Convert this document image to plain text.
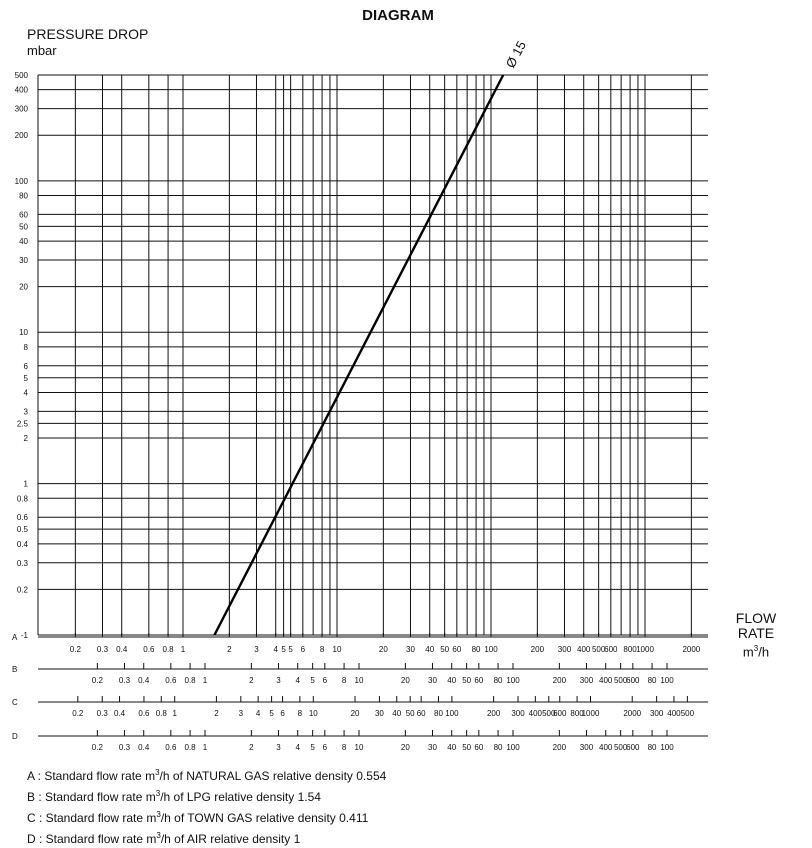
DIAGRAM
PRESSURE DROP
mbar
FLOW RATE
$m^3/h$
500
400
300
200
100
80
60
50
40
30
20
10
8
6
5
4
3
2.5
2
1
0.8
0.6
0.5
0.4
0.3
0.2
-1
Ø 15
A
0.2 0.3 0.4 0.6 0.8 1	2	3 4 5 5 6 8 10	20 30 40 50 60 80 100	200 300 400 500
600 800 1000	2000
B
0.2 0.3 0.4 0.6 0.8 1	2	3 4 5 6 8 10	20 30 40 50 60 80 100	200 300 400 500
600 80 100
C
0.2 0.3 0.4 0.6 0.8 1	2 3 4 5 6 8 10	20 30 40 50 60 80 100	200 300 400 500
600 800
1000	2000 300 400 500
D
0.2 0.3 0.4 0.6 0.8 1	2	3 4 5 6 8 10	20 30 40 50 60 80 100	200 300 400 500
600 80 100
A : Standard flow rate $m^3/h$ of NATURAL GAS relative density 0.554
B : Standard flow rate $m^3/h$ of LPG relative density 1.54
C : Standard flow rate $m^3/h$ of TOWN GAS relative density 0.411
D : Standard flow rate $m^3/h$ of AIR relative density 1
